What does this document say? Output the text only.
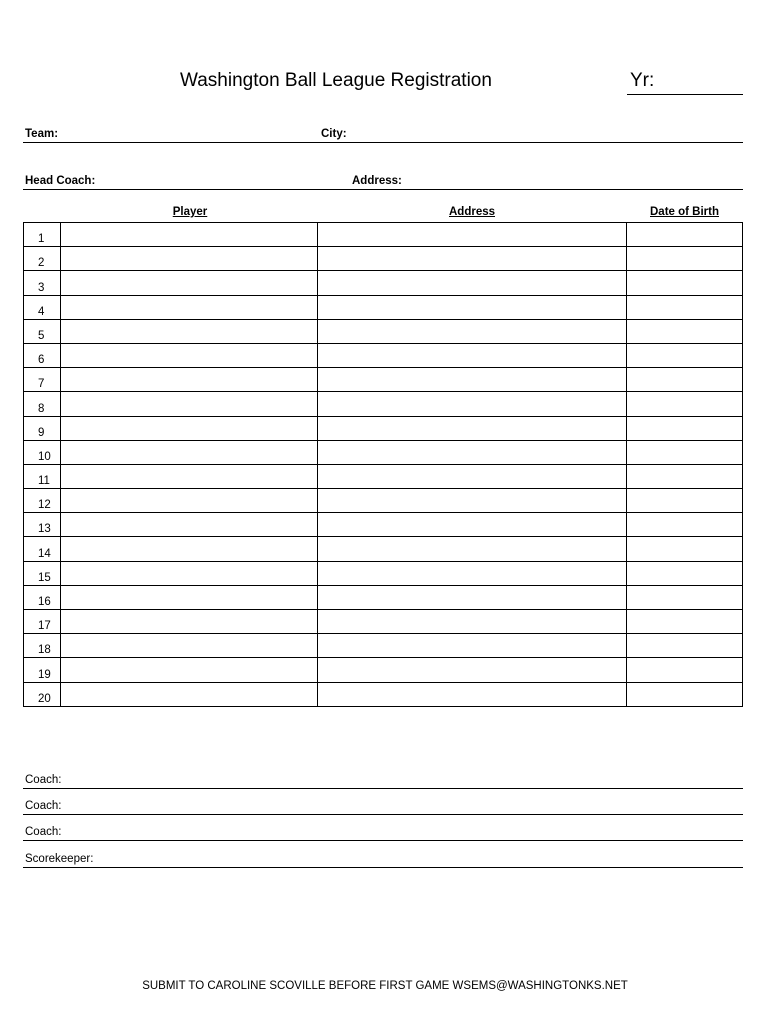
Washington Ball League Registration	Yr:
Team:	City:
Head Coach:	Address:
Player	Address	Date of Birth
1			
2			
3			
4			
5			
6			
7			
8			
9			
10			
11			
12			
13			
14			
15			
16			
17			
18			
19			
20			
Coach:
Coach:
Coach:
Scorekeeper:
SUBMIT TO CAROLINE SCOVILLE BEFORE FIRST GAME WSEMS@WASHINGTONKS.NET
